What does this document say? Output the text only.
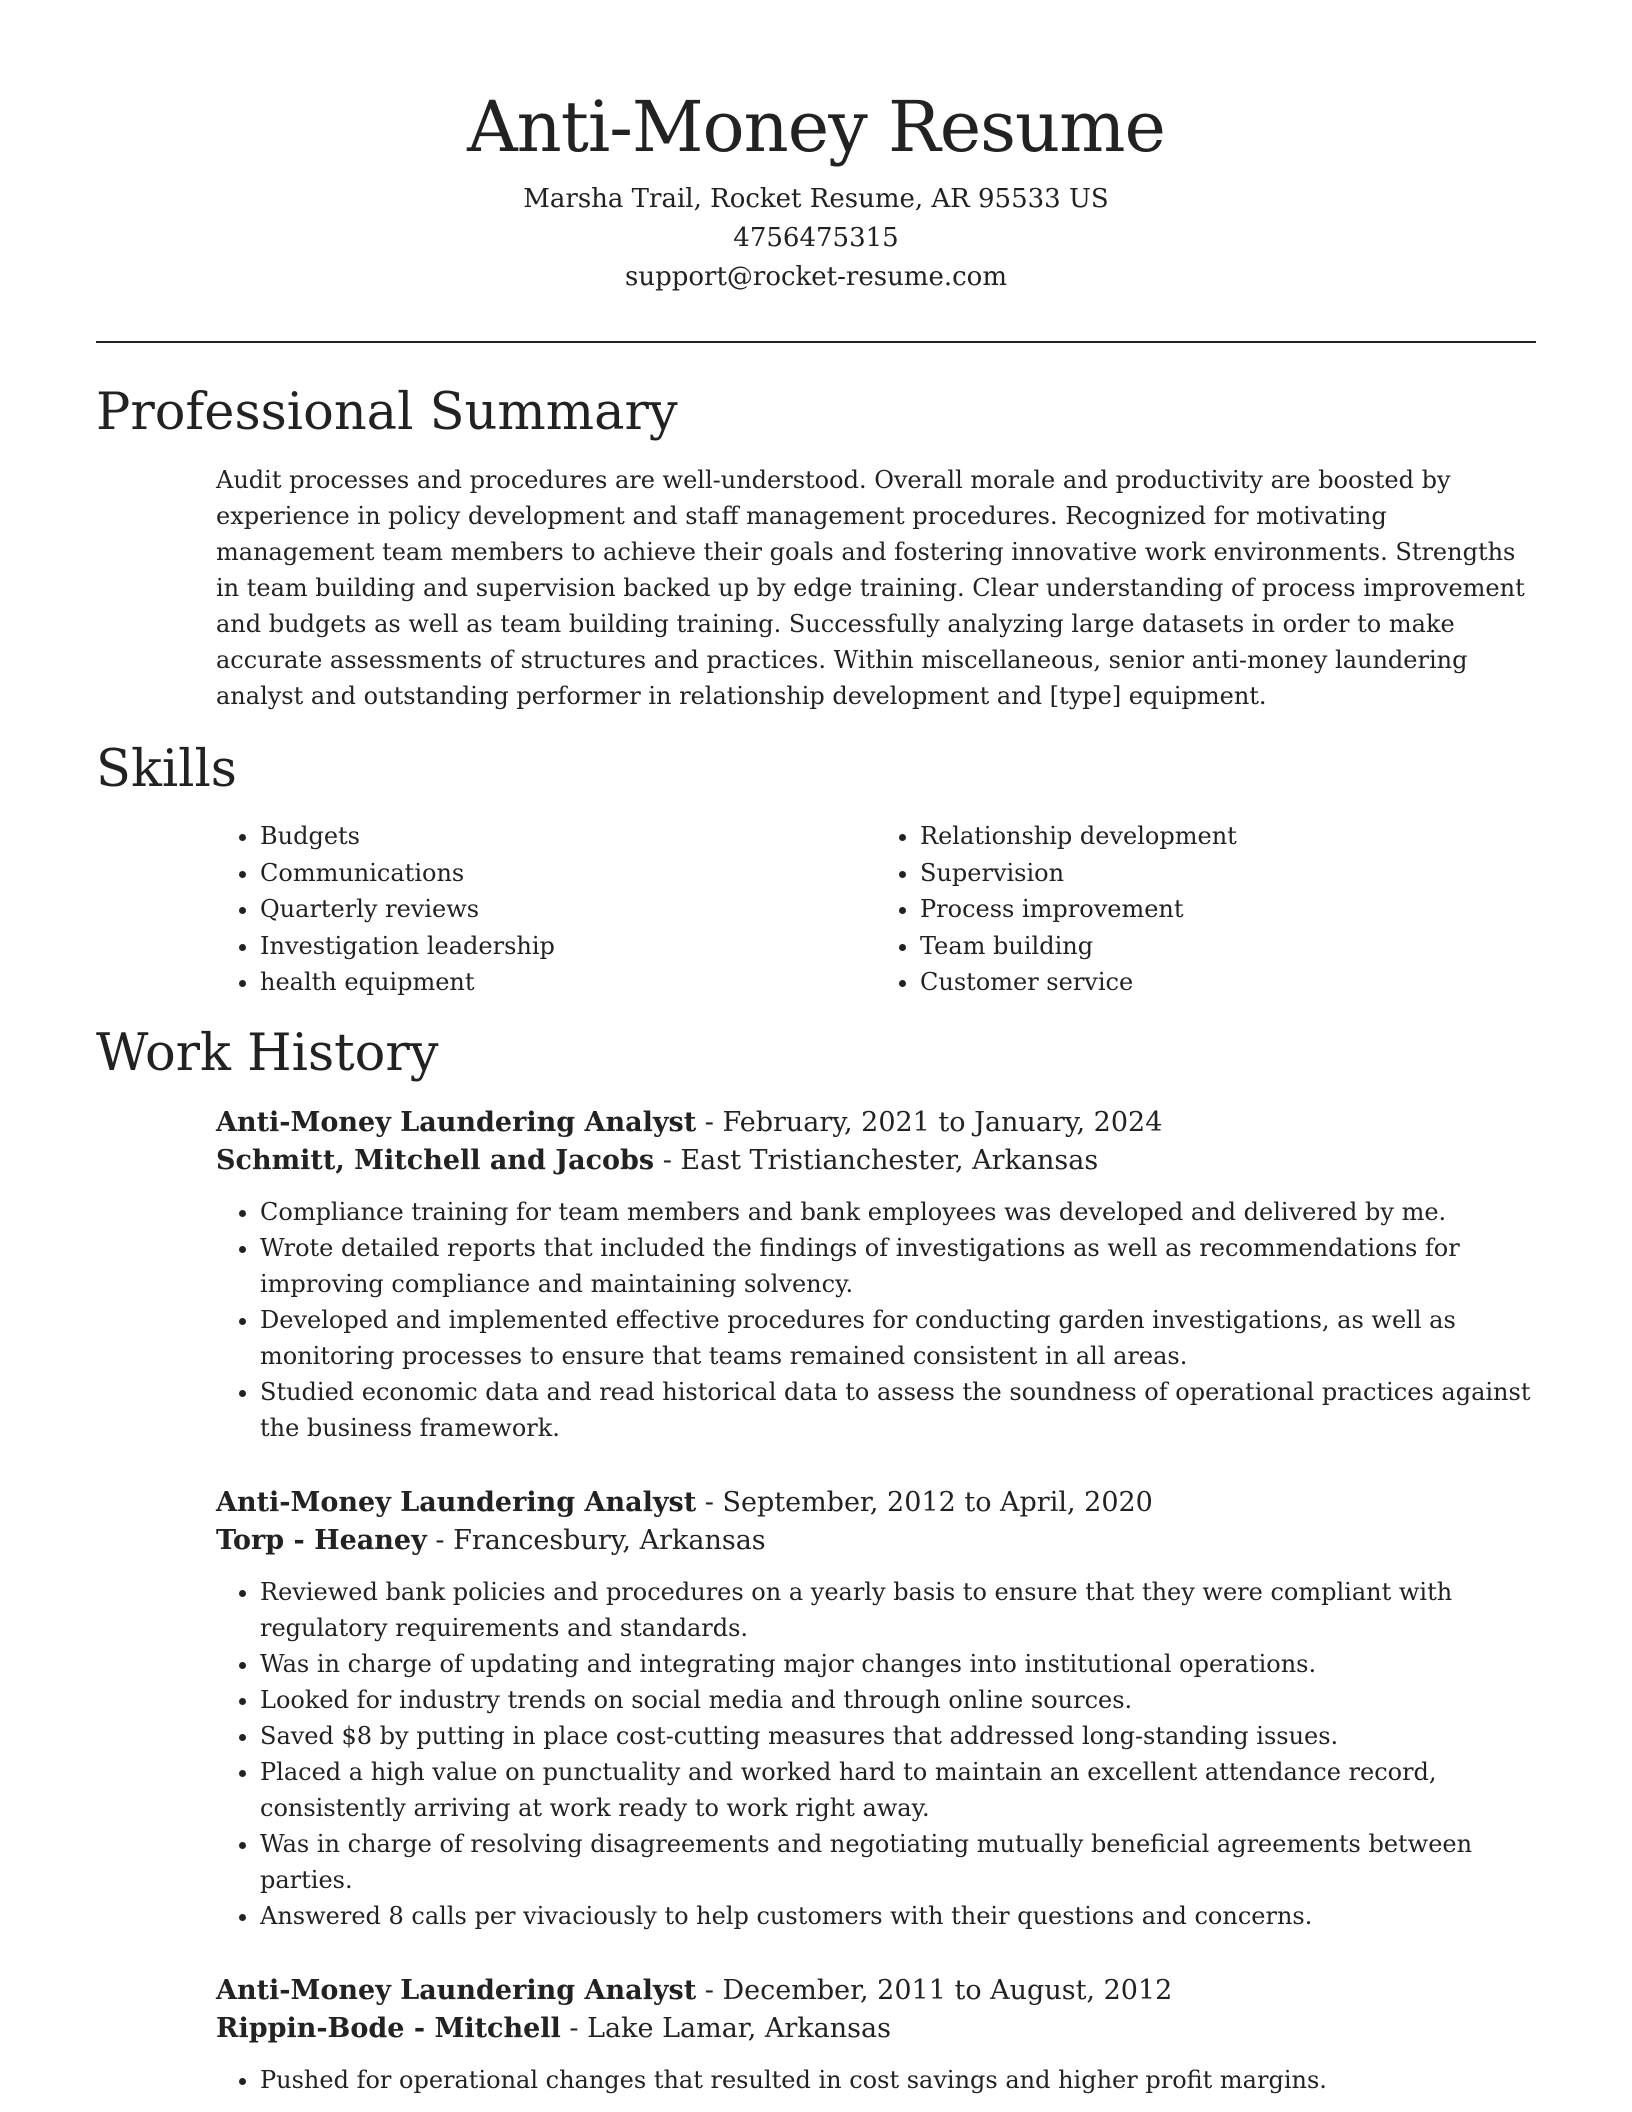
Anti-Money Resume
Marsha Trail, Rocket Resume, AR 95533 US
4756475315
support@rocket-resume.com
Professional Summary

Audit processes and procedures are well-understood. Overall morale and productivity are boosted by experience in policy development and staff management procedures. Recognized for motivating management team members to achieve their goals and fostering innovative work environments. Strengths in team building and supervision backed up by edge training. Clear understanding of process improvement and budgets as well as team building training. Successfully analyzing large datasets in order to make accurate assessments of structures and practices. Within miscellaneous, senior anti-money laundering analyst and outstanding performer in relationship development and [type] equipment.

Skills
• Budgets
• Communications
• Quarterly reviews
• Investigation leadership
• health equipment
• Relationship development
• Supervision
• Process improvement
• Team building
• Customer service
Work History
Anti-Money Laundering Analyst - February, 2021 to January, 2024
Schmitt, Mitchell and Jacobs - East Tristianchester, Arkansas
• Compliance training for team members and bank employees was developed and delivered by me.
• Wrote detailed reports that included the findings of investigations as well as recommendations for improving compliance and maintaining solvency.
• Developed and implemented effective procedures for conducting garden investigations, as well as monitoring processes to ensure that teams remained consistent in all areas.
• Studied economic data and read historical data to assess the soundness of operational practices against the business framework.
Anti-Money Laundering Analyst - September, 2012 to April, 2020
Torp - Heaney - Francesbury, Arkansas
• Reviewed bank policies and procedures on a yearly basis to ensure that they were compliant with regulatory requirements and standards.
• Was in charge of updating and integrating major changes into institutional operations.
• Looked for industry trends on social media and through online sources.
• Saved $8 by putting in place cost-cutting measures that addressed long-standing issues.
• Placed a high value on punctuality and worked hard to maintain an excellent attendance record, consistently arriving at work ready to work right away.
• Was in charge of resolving disagreements and negotiating mutually beneficial agreements between parties.
• Answered 8 calls per vivaciously to help customers with their questions and concerns.
Anti-Money Laundering Analyst - December, 2011 to August, 2012
Rippin-Bode - Mitchell - Lake Lamar, Arkansas
• Pushed for operational changes that resulted in cost savings and higher profit margins.
